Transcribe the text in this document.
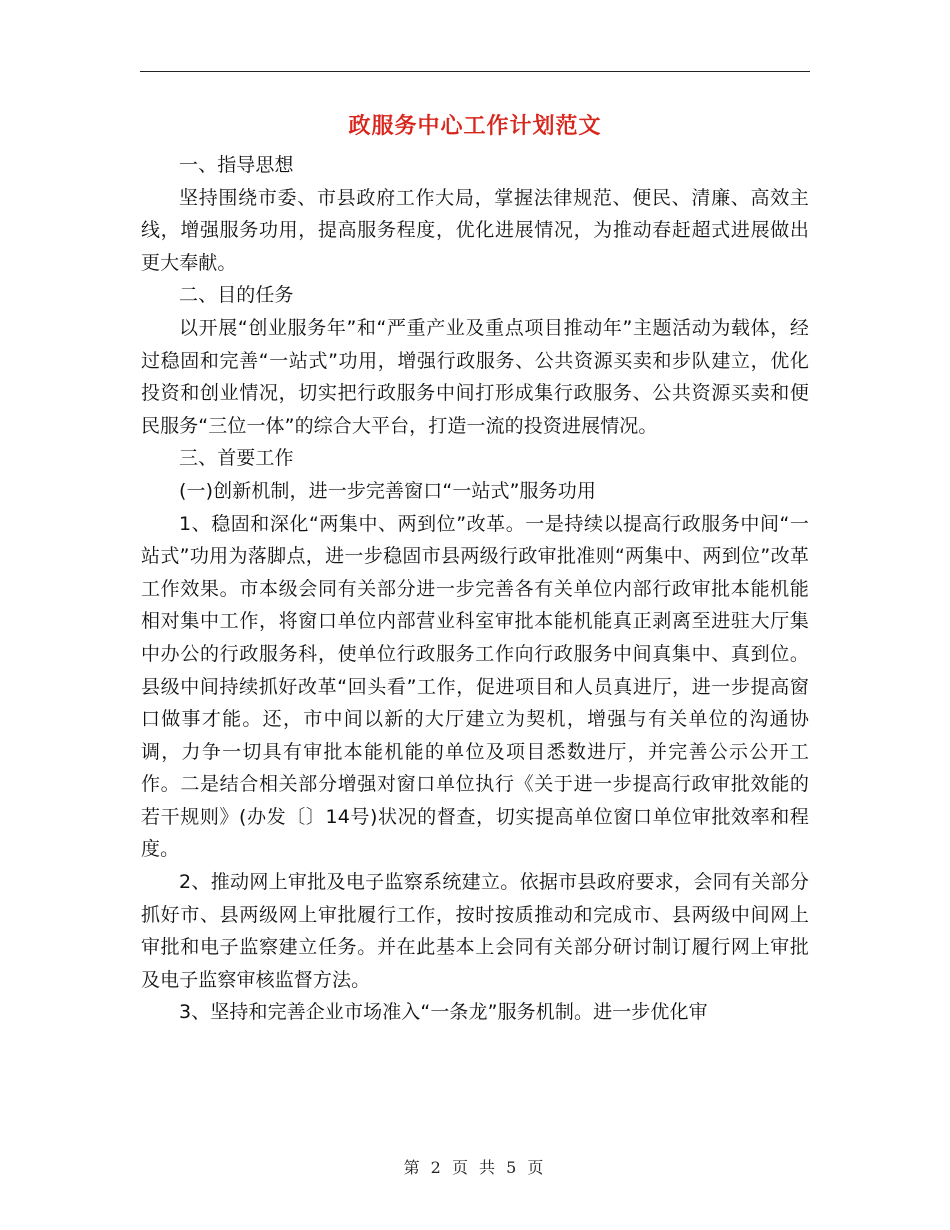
政服务中心工作计划范文

一、指导思想

坚持围绕市委、市县政府工作大局，掌握法律规范、便民、清廉、高效主线，增强服务功用，提高服务程度，优化进展情况，为推动春赶超式进展做出更大奉献。

二、目的任务

以开展“创业服务年”和“严重产业及重点项目推动年”主题活动为载体，经过稳固和完善“一站式”功用，增强行政服务、公共资源买卖和步队建立，优化投资和创业情况，切实把行政服务中间打形成集行政服务、公共资源买卖和便民服务“三位一体”的综合大平台，打造一流的投资进展情况。

三、首要工作

(一)创新机制，进一步完善窗口“一站式”服务功用

1、稳固和深化“两集中、两到位”改革。一是持续以提高行政服务中间“一站式”功用为落脚点，进一步稳固市县两级行政审批准则“两集中、两到位”改革工作效果。市本级会同有关部分进一步完善各有关单位内部行政审批本能机能相对集中工作，将窗口单位内部营业科室审批本能机能真正剥离至进驻大厅集中办公的行政服务科，使单位行政服务工作向行政服务中间真集中、真到位。县级中间持续抓好改革“回头看”工作，促进项目和人员真进厅，进一步提高窗口做事才能。还，市中间以新的大厅建立为契机，增强与有关单位的沟通协调，力争一切具有审批本能机能的单位及项目悉数进厅，并完善公示公开工作。二是结合相关部分增强对窗口单位执行《关于进一步提高行政审批效能的若干规则》(办发〔〕14号)状况的督查，切实提高单位窗口单位审批效率和程度。

2、推动网上审批及电子监察系统建立。依据市县政府要求，会同有关部分抓好市、县两级网上审批履行工作，按时按质推动和完成市、县两级中间网上审批和电子监察建立任务。并在此基本上会同有关部分研讨制订履行网上审批及电子监察审核监督方法。

3、坚持和完善企业市场准入“一条龙”服务机制。进一步优化审

第 2 页 共 5 页
